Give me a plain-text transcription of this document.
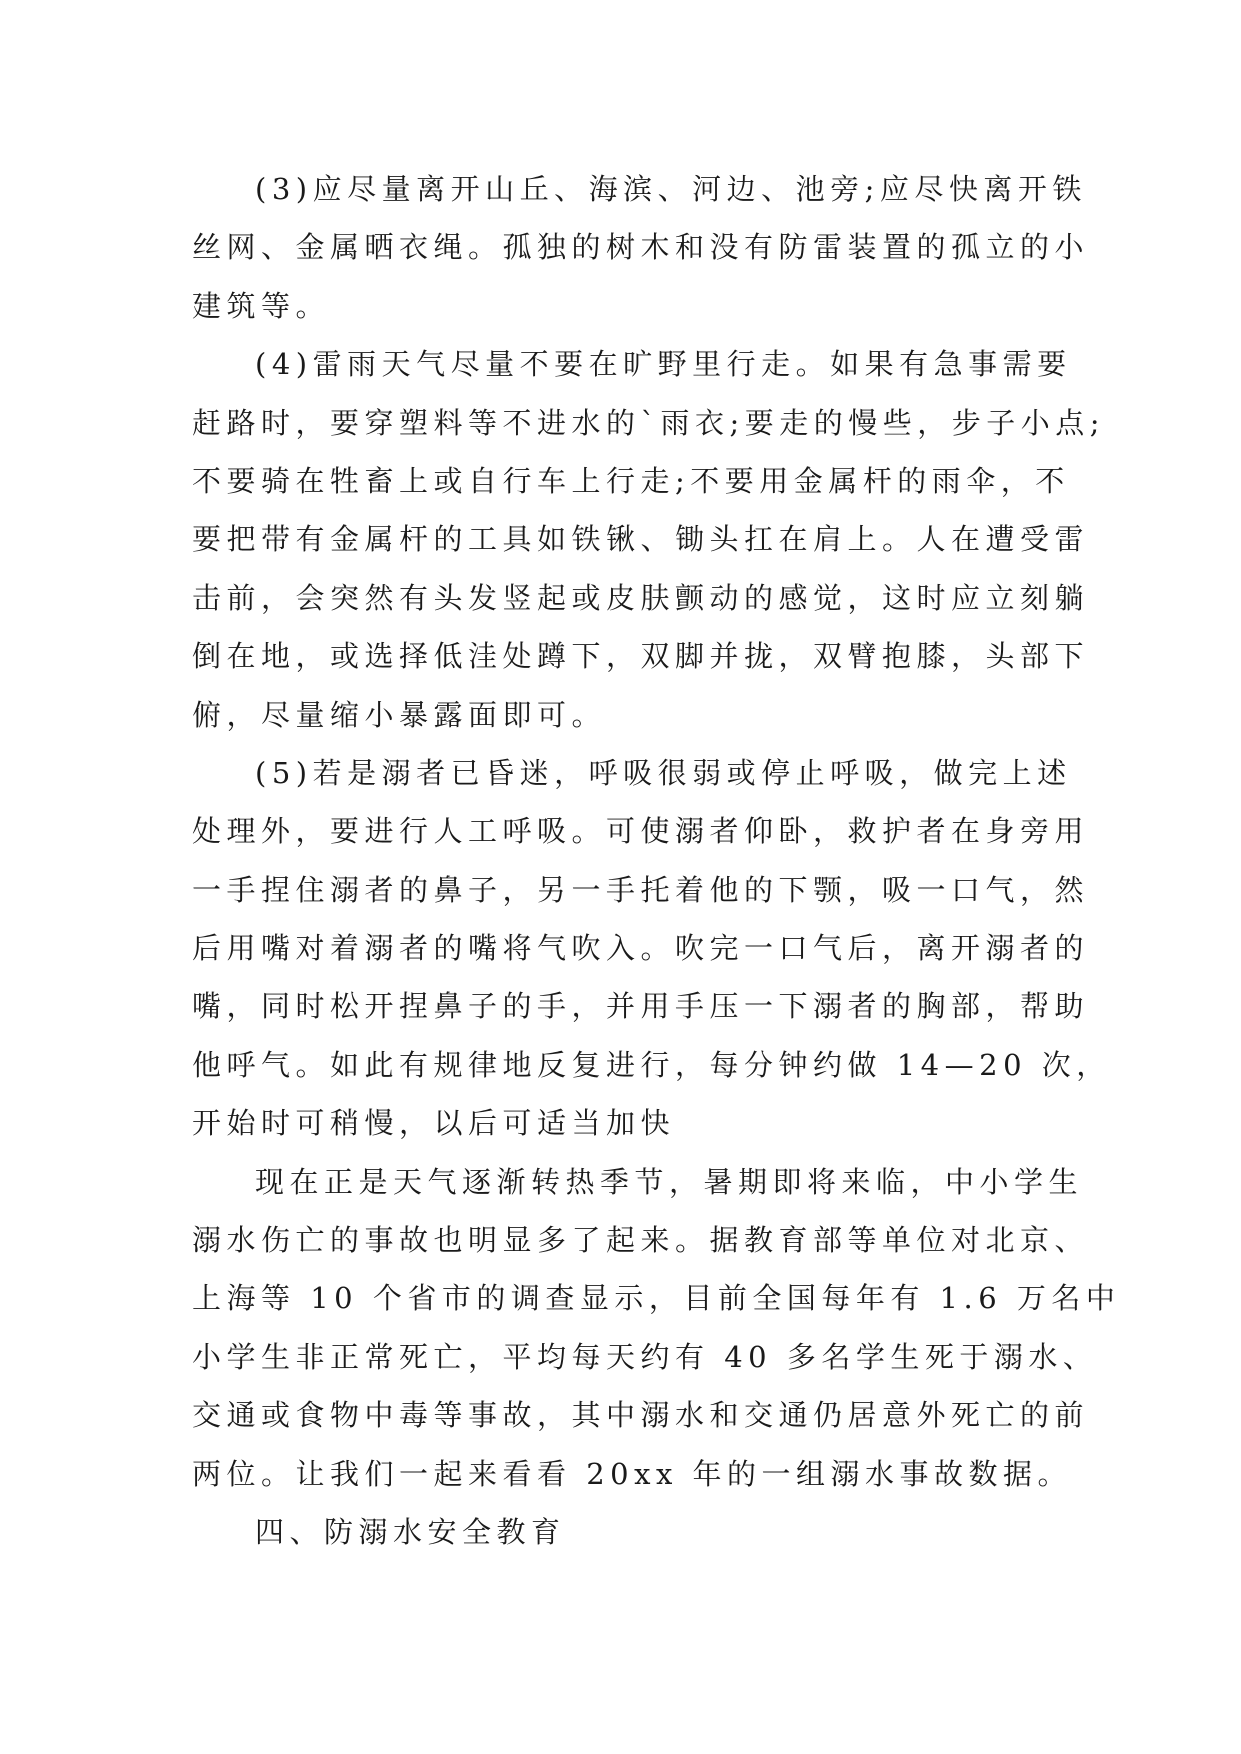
(3)应尽量离开山丘、海滨、河边、池旁;应尽快离开铁
丝网、金属晒衣绳。孤独的树木和没有防雷装置的孤立的小
建筑等。
(4)雷雨天气尽量不要在旷野里行走。如果有急事需要
赶路时，要穿塑料等不进水的`雨衣;要走的慢些，步子小点;
不要骑在牲畜上或自行车上行走;不要用金属杆的雨伞，不
要把带有金属杆的工具如铁锹、锄头扛在肩上。人在遭受雷
击前，会突然有头发竖起或皮肤颤动的感觉，这时应立刻躺
倒在地，或选择低洼处蹲下，双脚并拢，双臂抱膝，头部下
俯，尽量缩小暴露面即可。
(5)若是溺者已昏迷，呼吸很弱或停止呼吸，做完上述
处理外，要进行人工呼吸。可使溺者仰卧，救护者在身旁用
一手捏住溺者的鼻子，另一手托着他的下颚，吸一口气，然
后用嘴对着溺者的嘴将气吹入。吹完一口气后，离开溺者的
嘴，同时松开捏鼻子的手，并用手压一下溺者的胸部，帮助
他呼气。如此有规律地反复进行，每分钟约做 14—20 次，
开始时可稍慢，以后可适当加快
现在正是天气逐渐转热季节，暑期即将来临，中小学生
溺水伤亡的事故也明显多了起来。据教育部等单位对北京、
上海等 10 个省市的调查显示，目前全国每年有 1.6 万名中
小学生非正常死亡，平均每天约有 40 多名学生死于溺水、
交通或食物中毒等事故，其中溺水和交通仍居意外死亡的前
两位。让我们一起来看看 20xx 年的一组溺水事故数据。
四、防溺水安全教育
